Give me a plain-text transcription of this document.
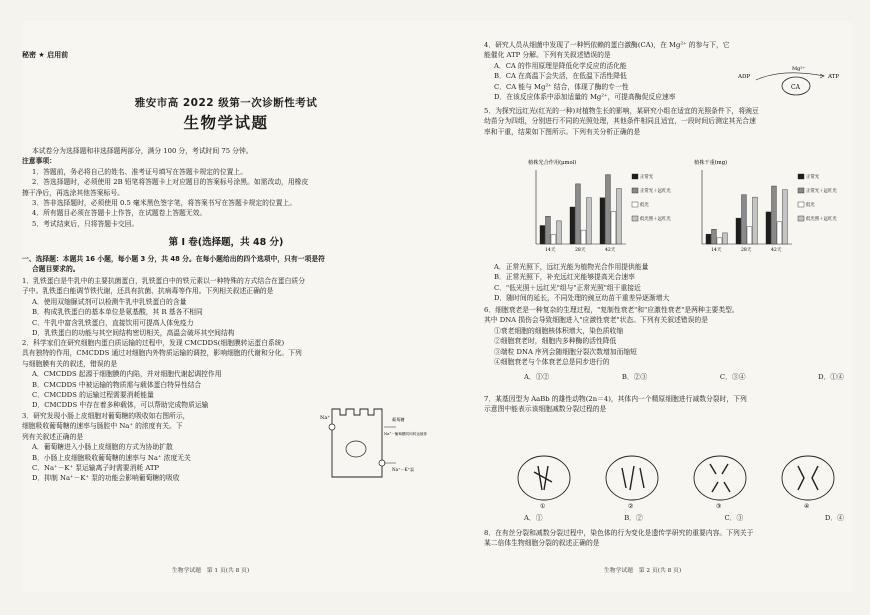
秘密 ★ 启用前
雅安市高 2022 级第一次诊断性考试
生物学试题

本试卷分为选择题和非选择题两部分，满分 100 分，考试时间 75 分钟。

注意事项：

1．答题前，务必将自己的姓名、准考证号填写在答题卡规定的位置上。

2．答选择题时，必须使用 2B 铅笔将答题卡上对应题目的答案标号涂黑。如需改动，用橡皮

擦干净后，再选涂其他答案标号。

3．答非选择题时，必须使用 0.5 毫米黑色签字笔，将答案书写在答题卡规定的位置上。

4．所有题目必须在答题卡上作答，在试题卷上答题无效。

5．考试结束后，只将答题卡交回。

第 Ⅰ 卷(选择题，共 48 分)

一、选择题：本题共 16 小题，每小题 3 分，共 48 分。在每小题给出的四个选项中，只有一项是符

合题目要求的。

1．乳铁蛋白是牛乳中的主要抗菌蛋白，乳铁蛋白中的铁元素以一种特殊的方式结合在蛋白质分

子中。乳铁蛋白能调节铁代谢，还具有抗菌、抗病毒等作用。下列相关叙述正确的是

A．使用双缩脲试剂可以检测牛乳中乳铁蛋白的含量

B．构成乳铁蛋白的基本单位是氨基酸，其 R 基各不相同

C．牛乳中富含乳铁蛋白，直接饮用可提高人体免疫力

D．乳铁蛋白的功能与其空间结构密切相关，高温会破坏其空间结构

2．科学家们在研究细胞内蛋白质运输的过程中，发现 CMCDDS(细胞膜转运蛋白系统)

具有独特的作用，CMCDDS 通过对细胞内外物质运输的调控，影响细胞的代谢和分化。下列

与细胞膜有关的叙述，错误的是

A．CMCDDS 起源于细胞膜的内陷，并对细胞代谢起调控作用

B．CMCDDS 中被运输的物质需与载体蛋白特异性结合

C．CMCDDS 的运输过程需要消耗能量

D．CMCDDS 中存在着多种载体，可以帮助完成物质运输

3．研究发现小肠上皮细胞对葡萄糖的吸收如右图所示，

细胞吸收葡萄糖的速率与肠腔中 Na⁺ 的浓度有关。下

列有关叙述正确的是

A．葡萄糖进入小肠上皮细胞的方式为协助扩散

B．小肠上皮细胞吸收葡萄糖的速率与 Na⁺ 浓度无关

C．Na⁺－K⁺ 泵运输离子时需要消耗 ATP

D．抑制 Na⁺－K⁺ 泵的功能会影响葡萄糖的吸收

Na⁺	葡萄糖
Na⁺－葡萄糖同向转运载体
Na⁺－K⁺泵
生物学试题　第 1 页(共 8 页)

4．研究人员从细菌中发现了一种钙依赖的蛋白激酶(CA)，在 Mg²⁺ 的参与下，它

能催化 ATP 分解。下列有关叙述错误的是

A．CA 的作用原理是降低化学反应的活化能

B．CA 在高温下会失活，在低温下活性降低

C．CA 能与 Mg²⁺ 结合，体现了酶的专一性

D．在该反应体系中添加适量的 Mg²⁺，可提高酶促反应速率

CA
Mg²⁺
ADP	ATP

5．为探究远红光(红光的一种)对植物生长的影响，某研究小组在适宜的光照条件下，将豌豆

幼苗分为四组，分别进行不同的光照处理，其他条件相同且适宜，一段时间后测定其光合速

率和干重，结果如下图所示。下列有关分析正确的是

植株光合作用(μmol)
14天	28天	42天
正常光
正常光＋远红光
低光
低光照＋远红光
植株干重(mg)
14天	28天	42天
正常光
正常光＋远红光
低光
低光照＋远红光

A．正常光照下，远红光能为植物光合作用提供能量

B．正常光照下，补充远红光能够提高光合速率

C．"低光照＋远红光"组与"正常光照"组干重接近

D．随时间的延长，不同处理的豌豆幼苗干重差异逐渐增大

6．细胞衰老是一种复杂的生理过程，"复制性衰老"和"应激性衰老"是两种主要类型。

其中 DNA 损伤会导致细胞进入"应激性衰老"状态。下列有关叙述错误的是

①衰老细胞的细胞核体积增大，染色质收缩

②细胞衰老时，细胞内多种酶的活性降低

③端粒 DNA 序列会随细胞分裂次数增加而缩短

④细胞衰老与个体衰老总是同步进行的

A．①②	B．②③	C．③④	D．①④

7．某基因型为 AaBb 的雄性动物(2n＝4)，其体内一个精原细胞进行减数分裂时，下列

示意图中能表示该细胞减数分裂过程的是

①	②	③	④
A．①	B．②	C．③	D．④

8．在有丝分裂和减数分裂过程中，染色体的行为变化是遗传学研究的重要内容。下列关于

某二倍体生物细胞分裂的叙述正确的是

生物学试题　第 2 页(共 8 页)
